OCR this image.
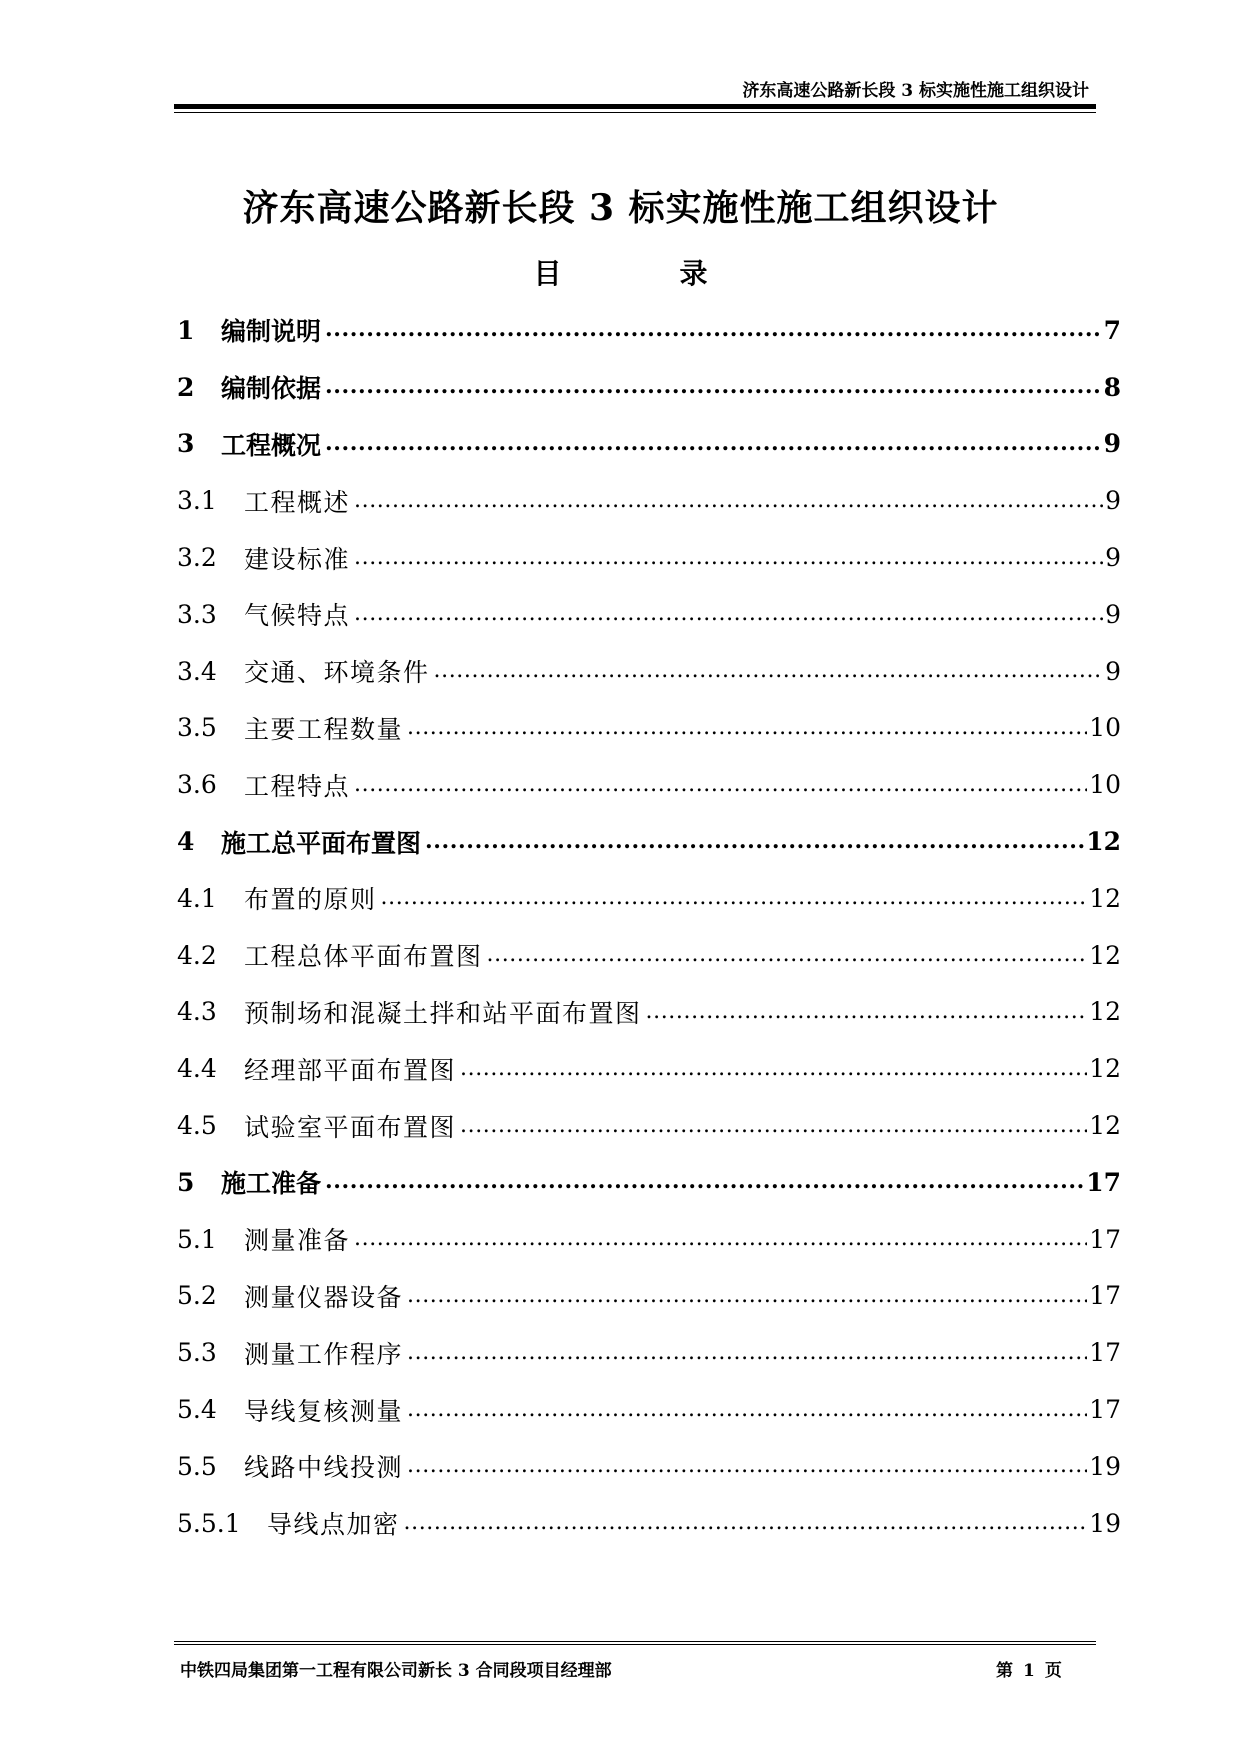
济东高速公路新长段 3 标实施性施工组织设计
济东高速公路新长段 3 标实施性施工组织设计
目	录
1	编制说明 .....	7
2	编制依据 .....	8
3	工程概况 .....	9
3.1	工程概述 .....	9
3.2	建设标准 .....	9
3.3	气候特点 .....	9
3.4	交通、环境条件 .....	9
3.5	主要工程数量 .....	10
3.6	工程特点 .....	10
4	施工总平面布置图 .....	12
4.1	布置的原则 .....	12
4.2	工程总体平面布置图 .....	12
4.3	预制场和混凝土拌和站平面布置图 .....	12
4.4	经理部平面布置图 .....	12
4.5	试验室平面布置图 .....	12
5	施工准备 .....	17
5.1	测量准备 .....	17
5.2	测量仪器设备 .....	17
5.3	测量工作程序 .....	17
5.4	导线复核测量 .....	17
5.5	线路中线投测 .....	19
5.5.1	导线点加密 .....	19
中铁四局集团第一工程有限公司新长 3 合同段项目经理部	第 1 页
